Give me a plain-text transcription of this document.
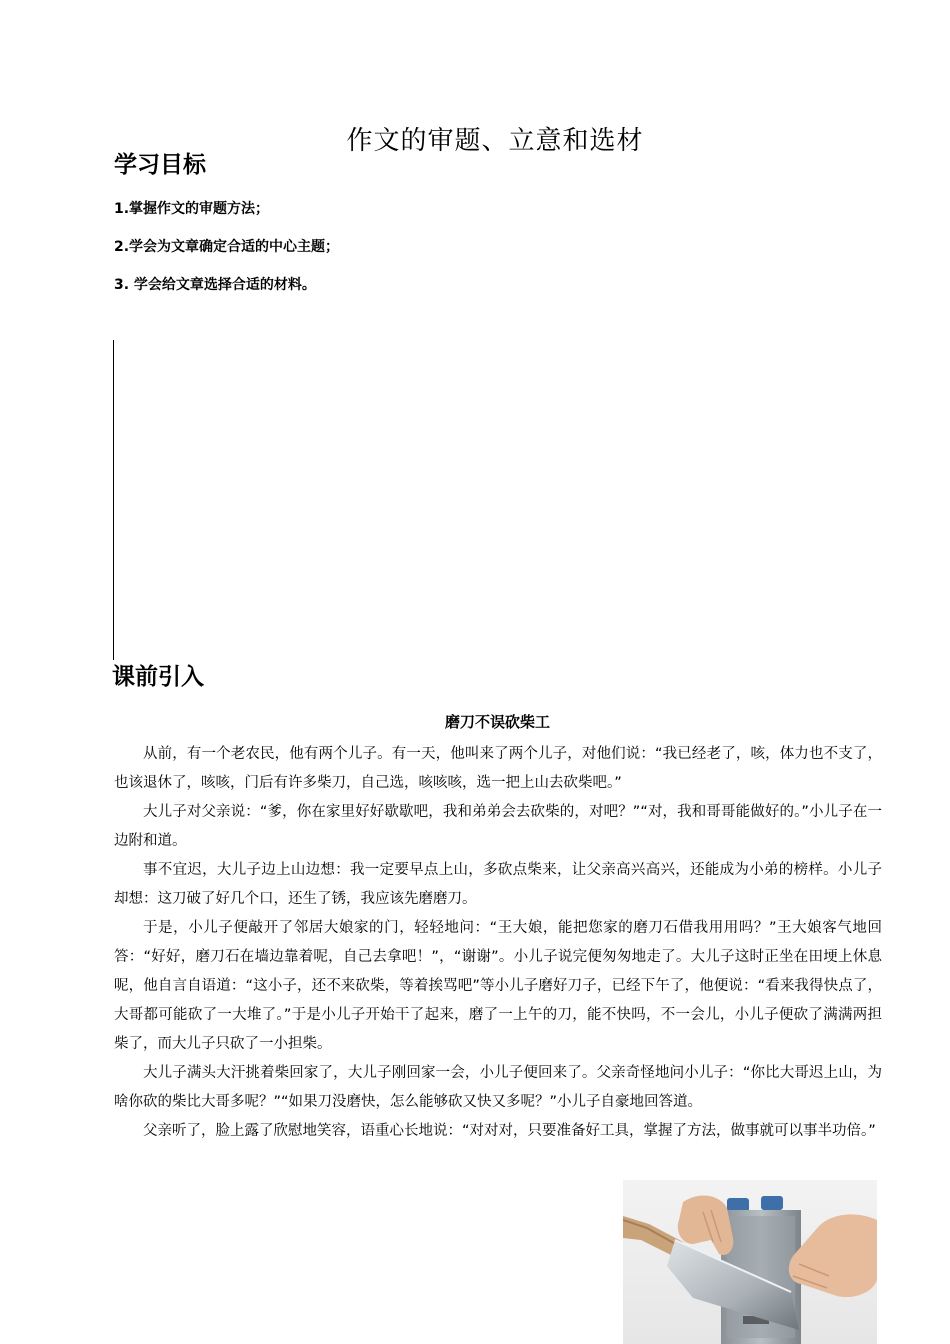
作文的审题、立意和选材
学习目标

1.掌握作文的审题方法；

2.学会为文章确定合适的中心主题；

3. 学会给文章选择合适的材料。

课前引入
磨刀不误砍柴工

从前，有一个老农民，他有两个儿子。有一天，他叫来了两个儿子，对他们说：“我已经老了，咳，体力也不支了，也该退休了，咳咳，门后有许多柴刀，自己选，咳咳咳，选一把上山去砍柴吧。”

大儿子对父亲说：“爹，你在家里好好歇歇吧，我和弟弟会去砍柴的，对吧？”“对，我和哥哥能做好的。”小儿子在一边附和道。

事不宜迟，大儿子边上山边想：我一定要早点上山，多砍点柴来，让父亲高兴高兴，还能成为小弟的榜样。小儿子却想：这刀破了好几个口，还生了锈，我应该先磨磨刀。

于是，小儿子便敲开了邻居大娘家的门，轻轻地问：“王大娘，能把您家的磨刀石借我用用吗？”王大娘客气地回答：“好好，磨刀石在墙边靠着呢，自己去拿吧！”，“谢谢”。小儿子说完便匆匆地走了。大儿子这时正坐在田埂上休息呢，他自言自语道：“这小子，还不来砍柴，等着挨骂吧”等小儿子磨好刀子，已经下午了，他便说：“看来我得快点了，大哥都可能砍了一大堆了。”于是小儿子开始干了起来，磨了一上午的刀，能不快吗，不一会儿，小儿子便砍了满满两担柴了，而大儿子只砍了一小担柴。

大儿子满头大汗挑着柴回家了，大儿子刚回家一会，小儿子便回来了。父亲奇怪地问小儿子：“你比大哥迟上山，为啥你砍的柴比大哥多呢？”“如果刀没磨快，怎么能够砍又快又多呢？”小儿子自豪地回答道。

父亲听了，脸上露了欣慰地笑容，语重心长地说：“对对对，只要准备好工具，掌握了方法，做事就可以事半功倍。”
